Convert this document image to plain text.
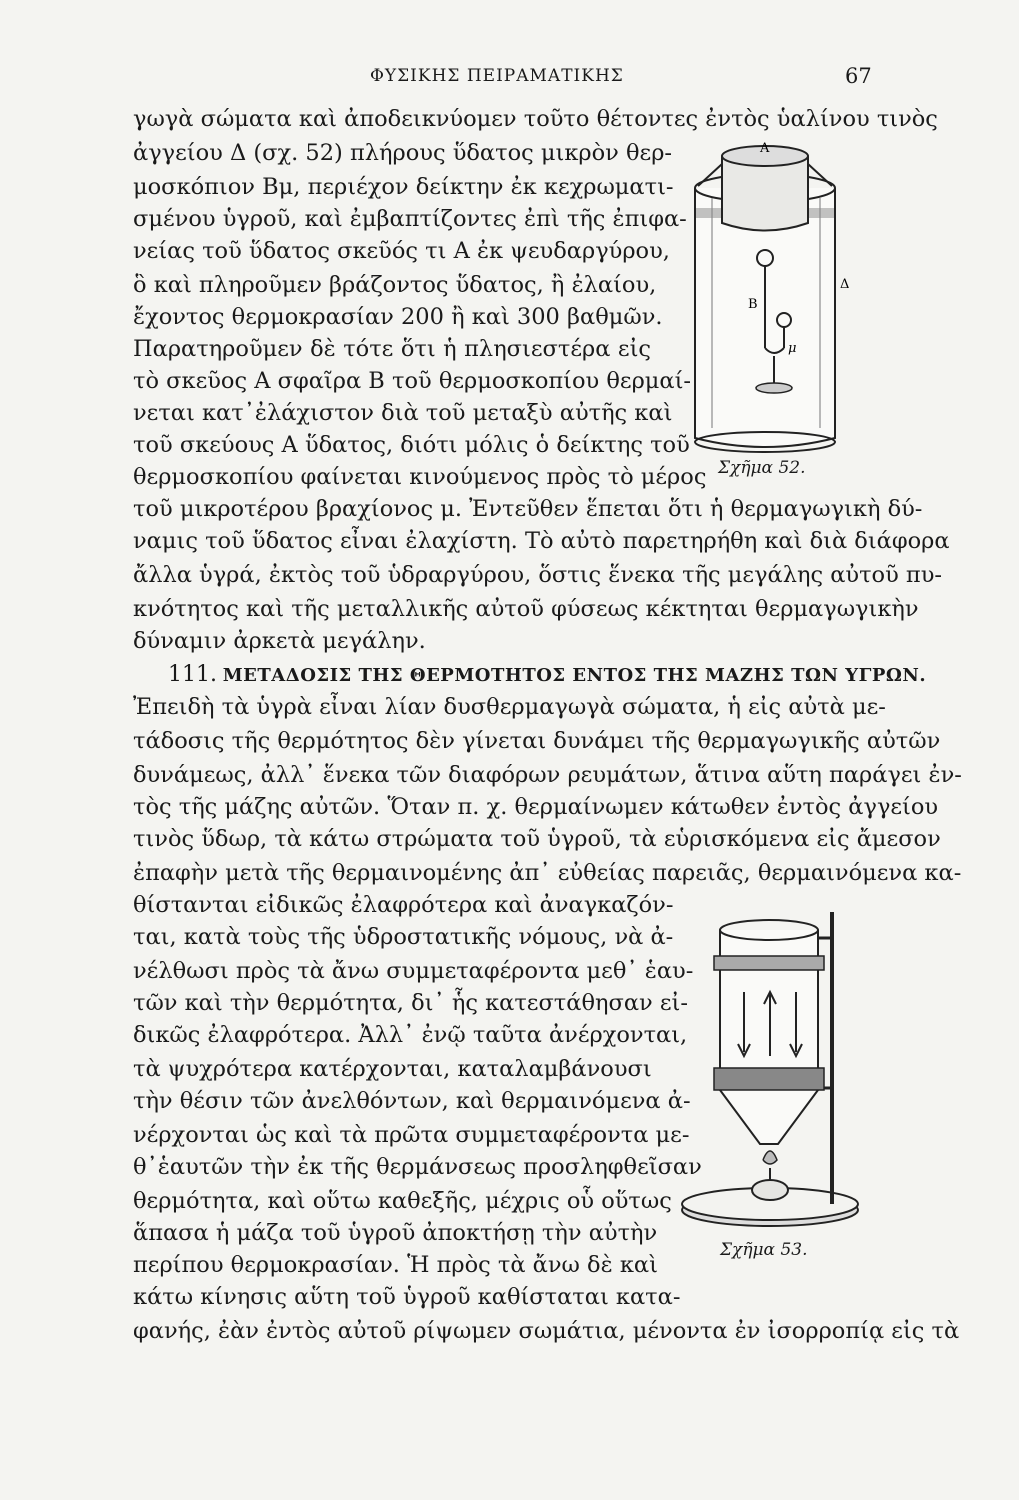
ΦΥΣΙΚΗΣ ΠΕΙΡΑΜΑΤΙΚΗΣ	67
γωγὰ σώματα καὶ ἀποδεικνύομεν τοῦτο θέτοντες ἐντὸς ὑαλίνου τινὸς
ἀγγείου Δ (σχ. 52) πλήρους ὕδατος μικρὸν θερ-
μοσκόπιον Βμ, περιέχον δείκτην ἐκ κεχρωματι-
σμένου ὑγροῦ, καὶ ἐμβαπτίζοντες ἐπὶ τῆς ἐπιφα-
νείας τοῦ ὕδατος σκεῦός τι Α ἐκ ψευδαργύρου,
ὃ καὶ πληροῦμεν βράζοντος ὕδατος, ἢ ἐλαίου,
ἔχοντος θερμοκρασίαν 200 ἢ καὶ 300 βαθμῶν.
Παρατηροῦμεν δὲ τότε ὅτι ἡ πλησιεστέρα εἰς
τὸ σκεῦος Α σφαῖρα Β τοῦ θερμοσκοπίου θερμαί-
νεται κατ᾽ἐλάχιστον διὰ τοῦ μεταξὺ αὐτῆς καὶ
τοῦ σκεύους Α ὕδατος, διότι μόλις ὁ δείκτης τοῦ
θερμοσκοπίου φαίνεται κινούμενος πρὸς τὸ μέρος
τοῦ μικροτέρου βραχίονος μ. Ἐντεῦθεν ἕπεται ὅτι ἡ θερμαγωγικὴ δύ-
ναμις τοῦ ὕδατος εἶναι ἐλαχίστη. Τὸ αὐτὸ παρετηρήθη καὶ διὰ διάφορα
ἄλλα ὑγρά, ἐκτὸς τοῦ ὑδραργύρου, ὅστις ἕνεκα τῆς μεγάλης αὐτοῦ πυ-
κνότητος καὶ τῆς μεταλλικῆς αὐτοῦ φύσεως κέκτηται θερμαγωγικὴν
δύναμιν ἀρκετὰ μεγάλην.
111. ΜΕΤΑΔΟΣΙΣ ΤΗΣ ΘΕΡΜΟΤΗΤΟΣ ΕΝΤΟΣ ΤΗΣ ΜΑΖΗΣ ΤΩΝ ΥΓΡΩΝ.
Ἐπειδὴ τὰ ὑγρὰ εἶναι λίαν δυσθερμαγωγὰ σώματα, ἡ εἰς αὐτὰ με-
τάδοσις τῆς θερμότητος δὲν γίνεται δυνάμει τῆς θερμαγωγικῆς αὐτῶν
δυνάμεως, ἀλλ᾽ ἕνεκα τῶν διαφόρων ρευμάτων, ἅτινα αὕτη παράγει ἐν-
τὸς τῆς μάζης αὐτῶν. Ὅταν π. χ. θερμαίνωμεν κάτωθεν ἐντὸς ἀγγείου
τινὸς ὕδωρ, τὰ κάτω στρώματα τοῦ ὑγροῦ, τὰ εὑρισκόμενα εἰς ἄμεσον
ἐπαφὴν μετὰ τῆς θερμαινομένης ἀπ᾽ εὐθείας παρειᾶς, θερμαινόμενα κα-
θίστανται εἰδικῶς ἐλαφρότερα καὶ ἀναγκαζόν-
ται, κατὰ τοὺς τῆς ὑδροστατικῆς νόμους, νὰ ἀ-
νέλθωσι πρὸς τὰ ἄνω συμμεταφέροντα μεθ᾽ ἑαυ-
τῶν καὶ τὴν θερμότητα, δι᾽ ἧς κατεστάθησαν εἰ-
δικῶς ἐλαφρότερα. Ἀλλ᾽ ἐνῷ ταῦτα ἀνέρχονται,
τὰ ψυχρότερα κατέρχονται, καταλαμβάνουσι
τὴν θέσιν τῶν ἀνελθόντων, καὶ θερμαινόμενα ἀ-
νέρχονται ὡς καὶ τὰ πρῶτα συμμεταφέροντα με-
θ᾽ἑαυτῶν τὴν ἐκ τῆς θερμάνσεως προσληφθεῖσαν
θερμότητα, καὶ οὕτω καθεξῆς, μέχρις οὗ οὕτως
ἅπασα ἡ μάζα τοῦ ὑγροῦ ἀποκτήσῃ τὴν αὐτὴν
περίπου θερμοκρασίαν. Ἡ πρὸς τὰ ἄνω δὲ καὶ
κάτω κίνησις αὕτη τοῦ ὑγροῦ καθίσταται κατα-
φανής, ἐὰν ἐντὸς αὐτοῦ ρίψωμεν σωμάτια, μένοντα ἐν ἰσορροπίᾳ εἰς τὰ
Α
Β
μ
Δ
Σχῆμα 52.
Σχῆμα 53.
